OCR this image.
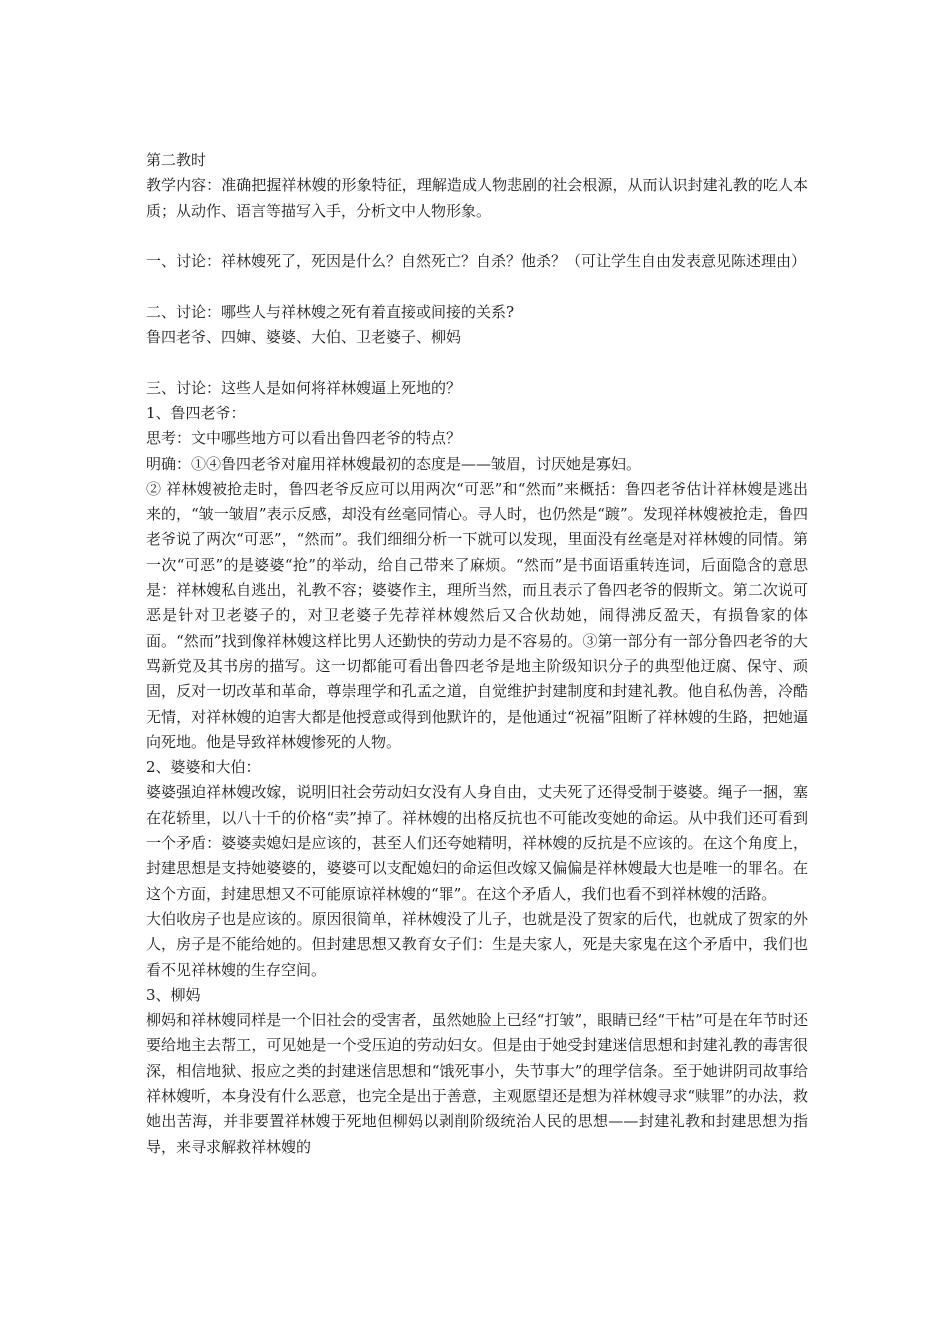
第二教时

教学内容：准确把握祥林嫂的形象特征，理解造成人物悲剧的社会根源，从而认识封建礼教的吃人本质；从动作、语言等描写入手，分析文中人物形象。

一、讨论：祥林嫂死了，死因是什么？自然死亡？自杀？他杀？（可让学生自由发表意见陈述理由）

二、讨论：哪些人与祥林嫂之死有着直接或间接的关系?

鲁四老爷、四婶、婆婆、大伯、卫老婆子、柳妈

三、讨论：这些人是如何将祥林嫂逼上死地的？

1、鲁四老爷：

思考：文中哪些地方可以看出鲁四老爷的特点？

明确：①④鲁四老爷对雇用祥林嫂最初的态度是——皱眉，讨厌她是寡妇。

② 祥林嫂被抢走时，鲁四老爷反应可以用两次“可恶”和“然而”来概括：鲁四老爷估计祥林嫂是逃出来的，“皱一皱眉”表示反感，却没有丝毫同情心。寻人时，也仍然是“踱”。发现祥林嫂被抢走，鲁四老爷说了两次“可恶”，“然而”。我们细细分析一下就可以发现，里面没有丝毫是对祥林嫂的同情。第一次“可恶”的是婆婆“抢”的举动，给自己带来了麻烦。“然而”是书面语重转连词，后面隐含的意思是：祥林嫂私自逃出，礼教不容；婆婆作主，理所当然，而且表示了鲁四老爷的假斯文。第二次说可恶是针对卫老婆子的，对卫老婆子先荐祥林嫂然后又合伙劫她，闹得沸反盈天，有损鲁家的体面。“然而”找到像祥林嫂这样比男人还勤快的劳动力是不容易的。③第一部分有一部分鲁四老爷的大骂新党及其书房的描写。这一切都能可看出鲁四老爷是地主阶级知识分子的典型他迂腐、保守、顽固，反对一切改革和革命，尊崇理学和孔孟之道，自觉维护封建制度和封建礼教。他自私伪善，冷酷无情，对祥林嫂的迫害大都是他授意或得到他默许的，是他通过“祝福”阻断了祥林嫂的生路，把她逼向死地。他是导致祥林嫂惨死的人物。

2、婆婆和大伯：

婆婆强迫祥林嫂改嫁，说明旧社会劳动妇女没有人身自由，丈夫死了还得受制于婆婆。绳子一捆，塞在花轿里，以八十千的价格“卖”掉了。祥林嫂的出格反抗也不可能改变她的命运。从中我们还可看到一个矛盾：婆婆卖媳妇是应该的，甚至人们还夸她精明，祥林嫂的反抗是不应该的。在这个角度上，封建思想是支持她婆婆的，婆婆可以支配媳妇的命运但改嫁又偏偏是祥林嫂最大也是唯一的罪名。在这个方面，封建思想又不可能原谅祥林嫂的“罪”。在这个矛盾人，我们也看不到祥林嫂的活路。

大伯收房子也是应该的。原因很简单，祥林嫂没了儿子，也就是没了贺家的后代，也就成了贺家的外人，房子是不能给她的。但封建思想又教育女子们：生是夫家人，死是夫家鬼在这个矛盾中，我们也看不见祥林嫂的生存空间。

3、柳妈

柳妈和祥林嫂同样是一个旧社会的受害者，虽然她脸上已经“打皱”，眼睛已经“干枯”可是在年节时还要给地主去帮工，可见她是一个受压迫的劳动妇女。但是由于她受封建迷信思想和封建礼教的毒害很深，相信地狱、报应之类的封建迷信思想和“饿死事小，失节事大”的理学信条。至于她讲阴司故事给祥林嫂听，本身没有什么恶意，也完全是出于善意，主观愿望还是想为祥林嫂寻求“赎罪”的办法，救她出苦海，并非要置祥林嫂于死地但柳妈以剥削阶级统治人民的思想——封建礼教和封建思想为指导，来寻求解救祥林嫂的
